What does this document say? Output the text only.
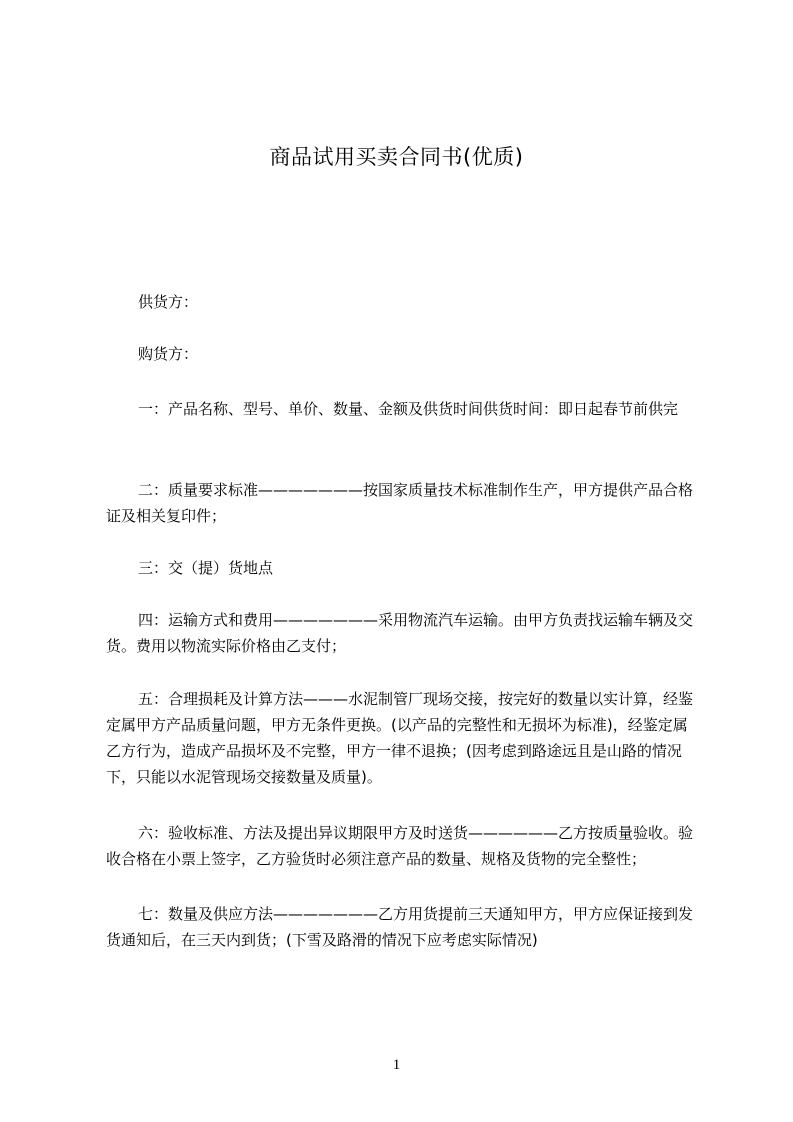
商品试用买卖合同书(优质)
供货方：
购货方：
一：产品名称、型号、单价、数量、金额及供货时间供货时间：即日起春节前供完
二：质量要求标准———————按国家质量技术标准制作生产，甲方提供产品合格证及相关复印件；
三：交（提）货地点
四：运输方式和费用———————采用物流汽车运输。由甲方负责找运输车辆及交货。费用以物流实际价格由乙支付；
五：合理损耗及计算方法———水泥制管厂现场交接，按完好的数量以实计算，经鉴定属甲方产品质量问题，甲方无条件更换。(以产品的完整性和无损坏为标准)，经鉴定属乙方行为，造成产品损坏及不完整，甲方一律不退换；(因考虑到路途远且是山路的情况下，只能以水泥管现场交接数量及质量)。
六：验收标准、方法及提出异议期限甲方及时送货——————乙方按质量验收。验收合格在小票上签字，乙方验货时必须注意产品的数量、规格及货物的完全整性；
七：数量及供应方法———————乙方用货提前三天通知甲方，甲方应保证接到发货通知后，在三天内到货；(下雪及路滑的情况下应考虑实际情况)
1
